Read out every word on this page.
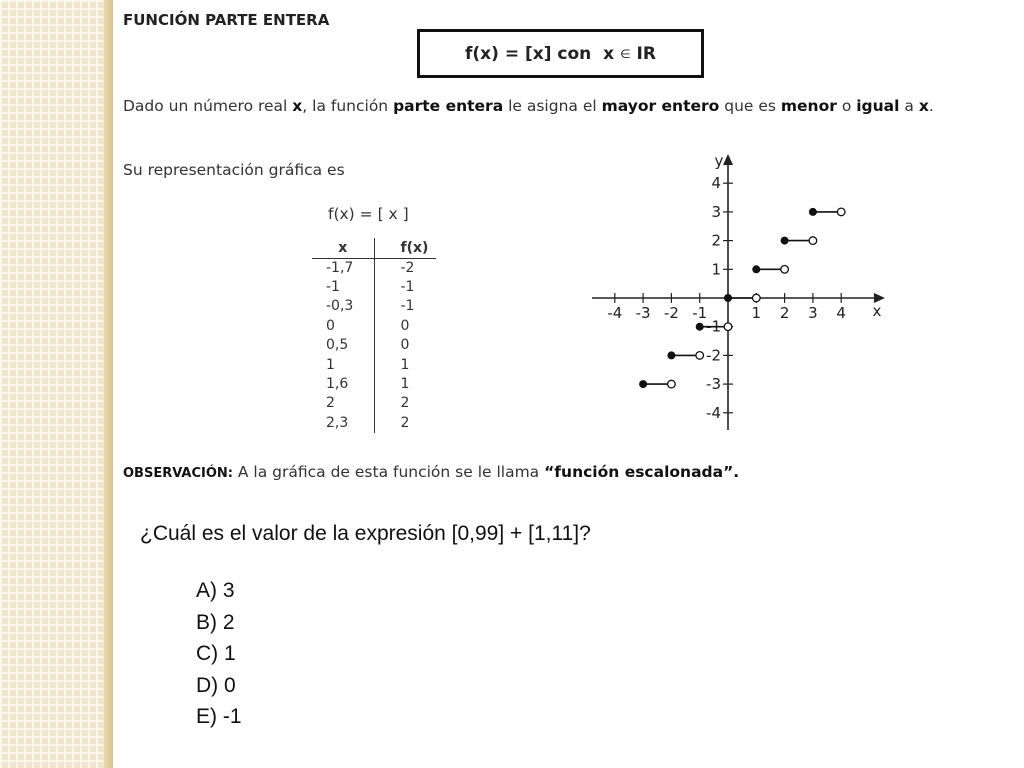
FUNCIÓN PARTE ENTERA
f(x) = [x] con  x ∈ IR
Dado un número real x, la función parte entera le asigna el mayor entero que es menor o igual a x.
Su representación gráfica es
f(x) = [ x ]
x	f(x)
-1,7	-2
-1	-1
-0,3	-1
0	0
0,5	0
1	1
1,6	1
2	2
2,3	2
-4 -3 -2 -1	1 2 3 4
4
3
2
1
-1
-2
-3
-4
x
y
OBSERVACIÓN: A la gráfica de esta función se le llama “función escalonada”.
¿Cuál es el valor de la expresión [0,99] + [1,11]?
A) 3
B) 2
C) 1
D) 0
E) -1
